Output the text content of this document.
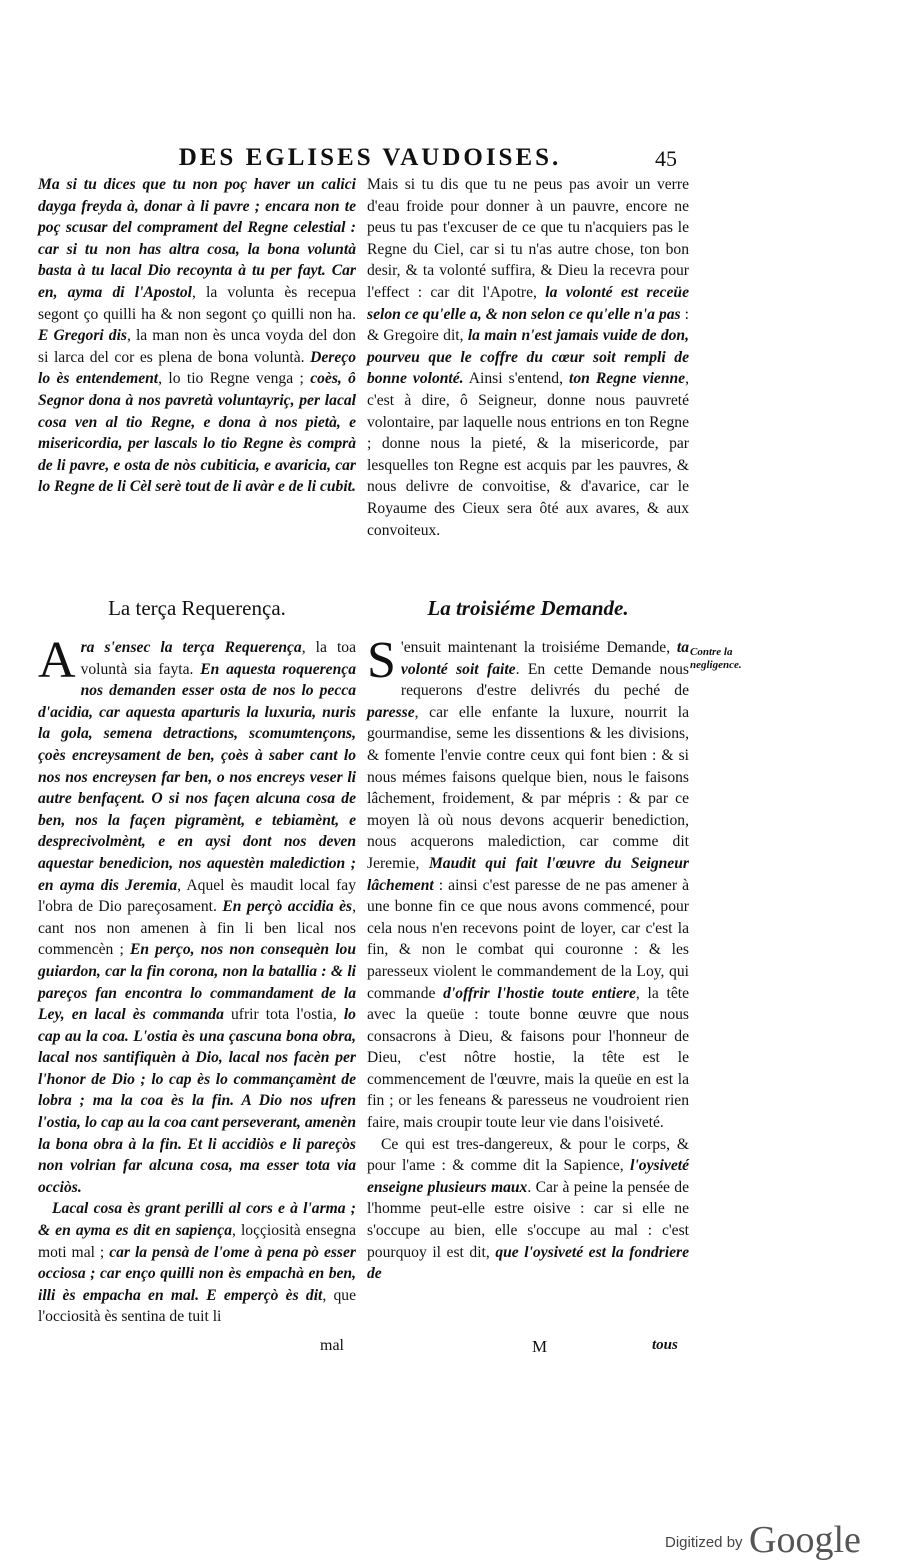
DES EGLISES VAUDOISES.	45

Ma si tu dices que tu non poç haver un calici dayga freyda à, donar à li pavre ; encara non te poç scusar del comprament del Regne celestial : car si tu non has altra cosa, la bona voluntà basta à tu lacal Dio recoynta à tu per fayt. Car en, ayma di l'Apostol, la volunta ès recepua segont ço quilli ha & non segont ço quilli non ha. E Gregori dis, la man non ès unca voyda del don si larca del cor es plena de bona voluntà. Dereço lo ès entendement, lo tio Regne venga ; coès, ô Segnor dona à nos pavretà voluntayriç, per lacal cosa ven al tio Regne, e dona à nos pietà, e misericordia, per lascals lo tio Regne ès comprà de li pavre, e osta de nòs cubiticia, e avaricia, car lo Regne de li Cèl serè tout de li avàr e de li cubit.

Mais si tu dis que tu ne peus pas avoir un verre d'eau froide pour donner à un pauvre, encore ne peus tu pas t'excuser de ce que tu n'acquiers pas le Regne du Ciel, car si tu n'as autre chose, ton bon desir, & ta volonté suffira, & Dieu la recevra pour l'effect : car dit l'Apotre, la volonté est receüe selon ce qu'elle a, & non selon ce qu'elle n'a pas : & Gregoire dit, la main n'est jamais vuide de don, pourveu que le coffre du cœur soit rempli de bonne volonté. Ainsi s'entend, ton Regne vienne, c'est à dire, ô Seigneur, donne nous pauvreté volontaire, par laquelle nous entrions en ton Regne ; donne nous la pieté, & la misericorde, par lesquelles ton Regne est acquis par les pauvres, & nous delivre de convoitise, & d'avarice, car le Royaume des Cieux sera ôté aux avares, & aux convoiteux.

La terça Requerença.	La troisiéme Demande.

Ara s'ensec la terça Requerença, la toa voluntà sia fayta. En aquesta roquerença nos demanden esser osta de nos lo pecca d'acidia, car aquesta aparturis la luxuria, nuris la gola, semena detractions, scomumtençons, çoès encreysament de ben, çoès à saber cant lo nos nos encreysen far ben, o nos encreys veser li autre benfaçent. O si nos façen alcuna cosa de ben, nos la façen pigramènt, e tebiamènt, e desprecivolmènt, e en aysi dont nos deven aquestar benedicion, nos aquestèn malediction ; en ayma dis Jeremia, Aquel ès maudit local fay l'obra de Dio pareçosament. En perçò accidia ès, cant nos non amenen à fin li ben lical nos commencèn ; En perço, nos non consequèn lou guiardon, car la fin corona, non la batallia : & li pareços fan encontra lo commandament de la Ley, en lacal ès commanda ufrir tota l'ostia, lo cap au la coa. L'ostia ès una çascuna bona obra, lacal nos santifiquèn à Dio, lacal nos facèn per l'honor de Dio ; lo cap ès lo commançamènt de lobra ; ma la coa ès la fin. A Dio nos ufren l'ostia, lo cap au la coa cant perseverant, amenèn la bona obra à la fin. Et li accidiòs e li pareçòs non volrian far alcuna cosa, ma esser tota via occiòs.

Lacal cosa ès grant perilli al cors e à l'arma ; & en ayma es dit en sapiença, loççiosità ensegna moti mal ; car la pensà de l'ome à pena pò esser occiosa ; car enço quilli non ès empachà en ben, illi ès empacha en mal. E emperçò ès dit, que l'occiosità ès sentina de tuit li

S 'ensuit maintenant la troisiéme Demande, ta volonté soit faite. En cette Demande nous requerons d'estre delivrés du peché de paresse, car elle enfante la luxure, nourrit la gourmandise, seme les dissentions & les divisions, & fomente l'envie contre ceux qui font bien : & si nous mémes faisons quelque bien, nous le faisons lâchement, froidement, & par mépris : & par ce moyen là où nous devons acquerir benediction, nous acquerons malediction, car comme dit Jeremie, Maudit qui fait l'œuvre du Seigneur lâchement : ainsi c'est paresse de ne pas amener à une bonne fin ce que nous avons commencé, pour cela nous n'en recevons point de loyer, car c'est la fin, & non le combat qui couronne : & les paresseux violent le commandement de la Loy, qui commande d'offrir l'hostie toute entiere, la tête avec la queüe : toute bonne œuvre que nous consacrons à Dieu, & faisons pour l'honneur de Dieu, c'est nôtre hostie, la tête est le commencement de l'œuvre, mais la queüe en est la fin ; or les feneans & paresseus ne voudroient rien faire, mais croupir toute leur vie dans l'oisiveté.

Ce qui est tres-dangereux, & pour le corps, & pour l'ame : & comme dit la Sapience, l'oysiveté enseigne plusieurs maux. Car à peine la pensée de l'homme peut-elle estre oisive : car si elle ne s'occupe au bien, elle s'occupe au mal : c'est pourquoy il est dit, que l'oysiveté est la fondriere de

Contre la negligence.
mal	M	tous
Digitized by Google
